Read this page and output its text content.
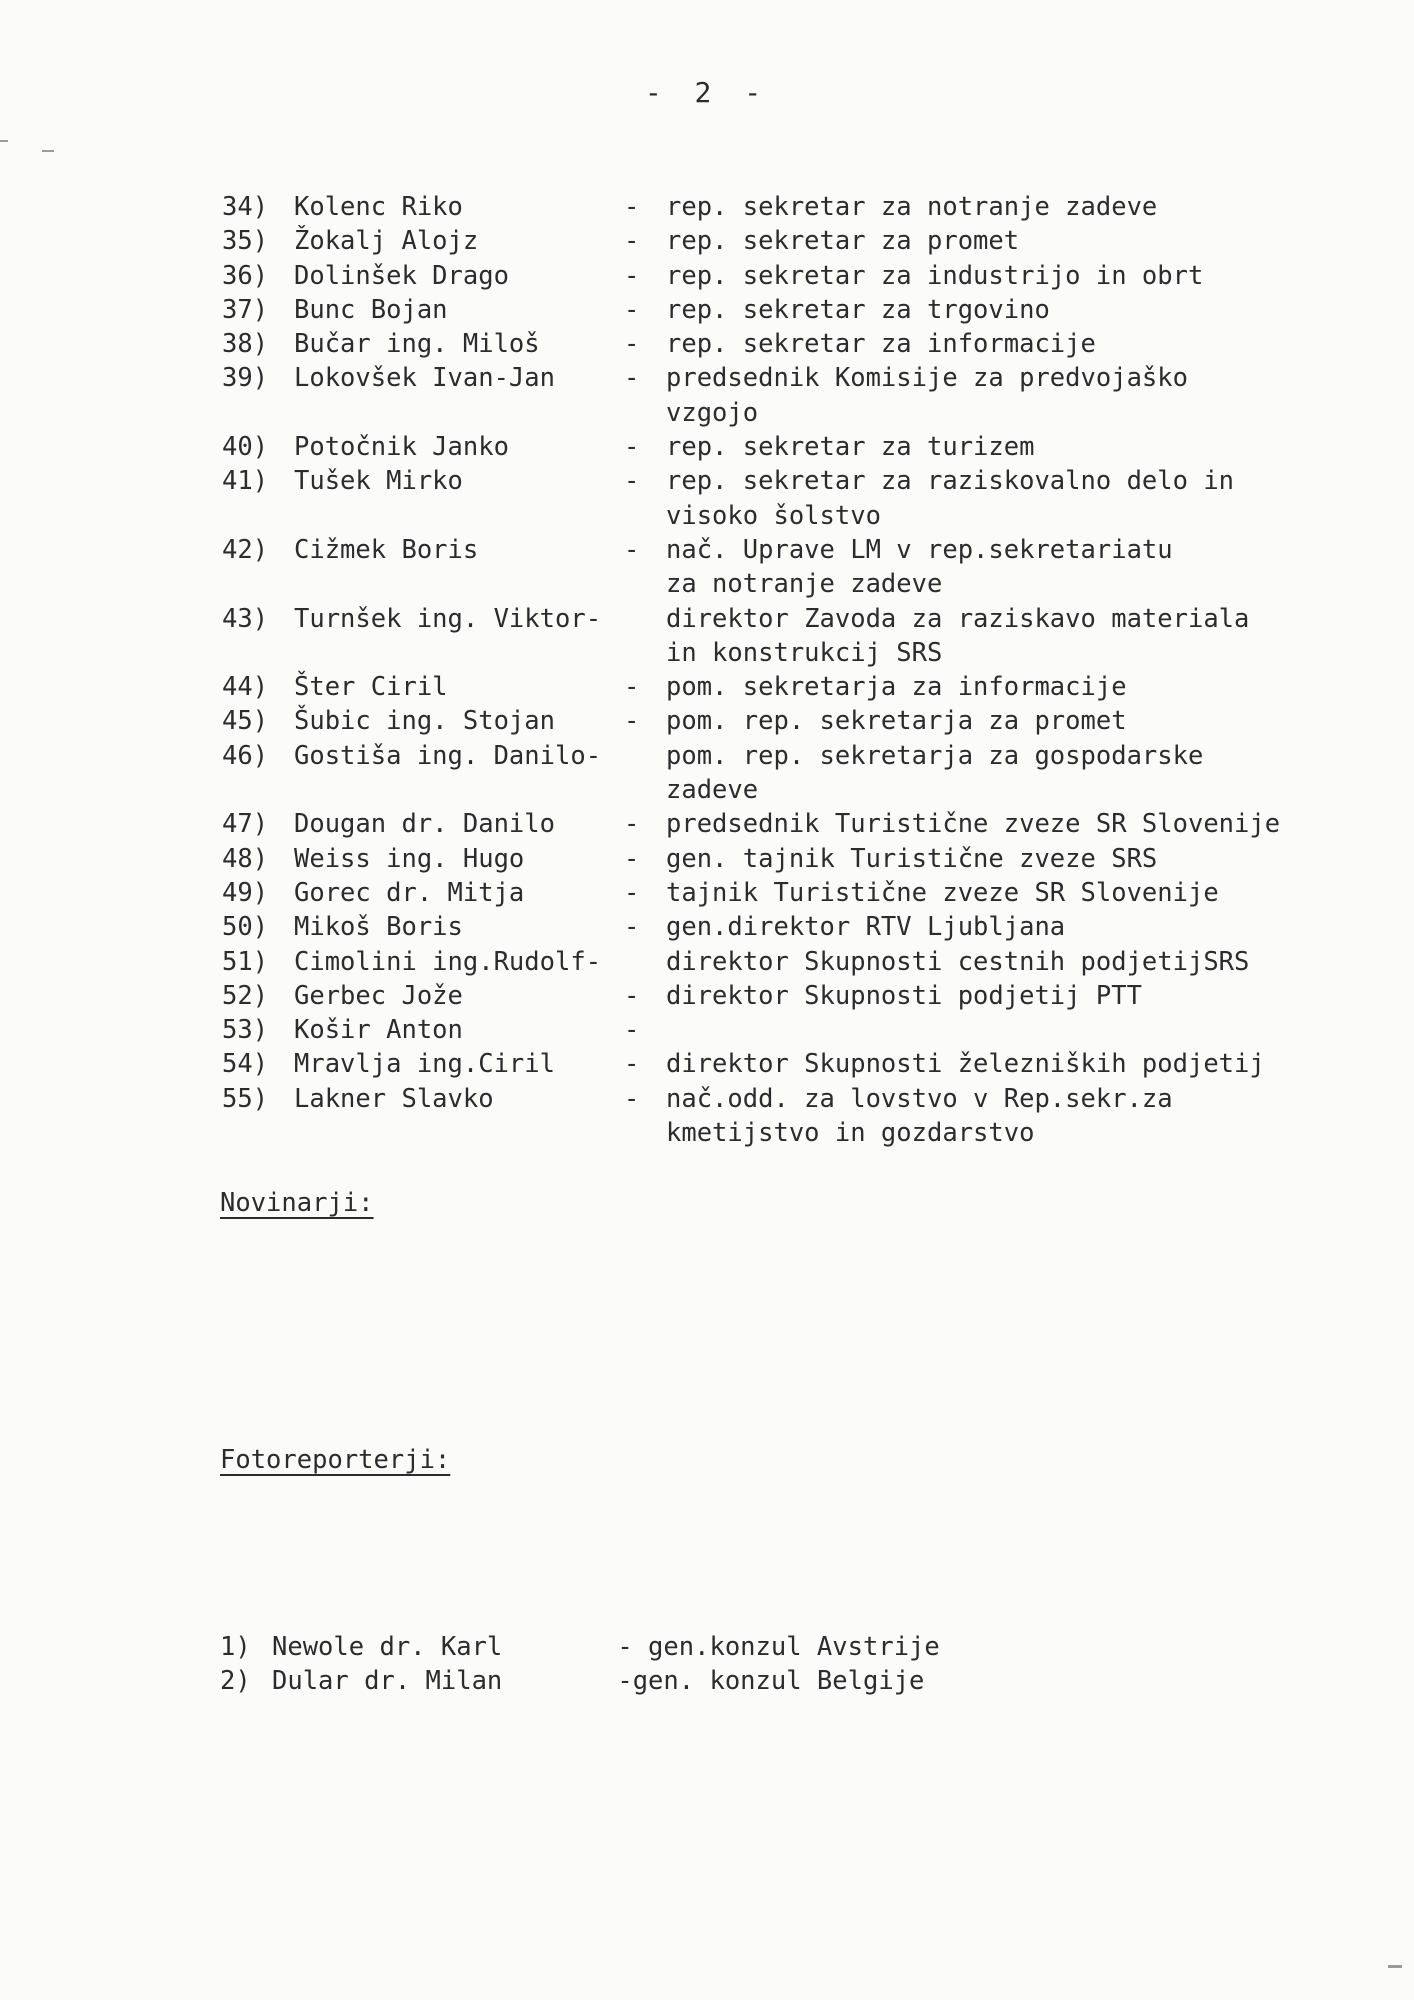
- 2 -
34)	Kolenc Riko	-	rep. sekretar za notranje zadeve
35)	Žokalj Alojz	-	rep. sekretar za promet
36)	Dolinšek Drago	-	rep. sekretar za industrijo in obrt
37)	Bunc Bojan	-	rep. sekretar za trgovino
38)	Bučar ing. Miloš	-	rep. sekretar za informacije
39)	Lokovšek Ivan-Jan	-	predsednik Komisije za predvojaško
vzgojo
40)	Potočnik Janko	-	rep. sekretar za turizem
41)	Tušek Mirko	-	rep. sekretar za raziskovalno delo in
visoko šolstvo
42)	Cižmek Boris	-	nač. Uprave LM v rep.sekretariatu
za notranje zadeve
43)	Turnšek ing. Viktor-	direktor Zavoda za raziskavo materiala
in konstrukcij SRS
44)	Šter Ciril	-	pom. sekretarja za informacije
45)	Šubic ing. Stojan	-	pom. rep. sekretarja za promet
46)	Gostiša ing. Danilo-	pom. rep. sekretarja za gospodarske
zadeve
47)	Dougan dr. Danilo	-	predsednik Turistične zveze SR Slovenije
48)	Weiss ing. Hugo	-	gen. tajnik Turistične zveze SRS
49)	Gorec dr. Mitja	-	tajnik Turistične zveze SR Slovenije
50)	Mikoš Boris	-	gen.direktor RTV Ljubljana
51)	Cimolini ing.Rudolf-	direktor Skupnosti cestnih podjetijSRS
52)	Gerbec Jože	-	direktor Skupnosti podjetij PTT
53)	Košir Anton	-
54)	Mravlja ing.Ciril	-	direktor Skupnosti železniških podjetij
55)	Lakner Slavko	-	nač.odd. za lovstvo v Rep.sekr.za
kmetijstvo in gozdarstvo
Novinarji:
Fotoreporterji:
1) Newole dr. Karl	- gen.konzul Avstrije
2) Dular dr. Milan	-gen. konzul Belgije
